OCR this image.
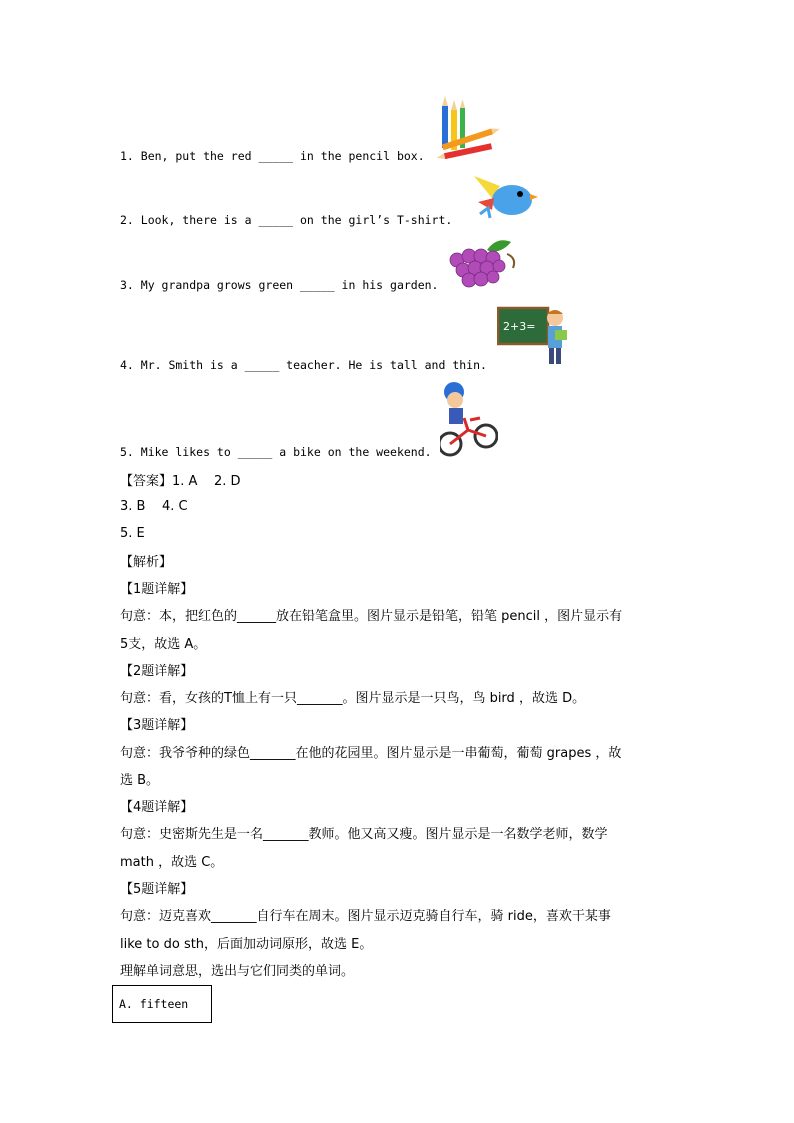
1. Ben, put the red _____ in the pencil box.
2. Look, there is a _____ on the girl’s T-shirt.
3. My grandpa grows green _____ in his garden.
4. Mr. Smith is a _____ teacher. He is tall and thin.
5. Mike likes to _____ a bike on the weekend.
2+3=
【答案】1. A    2. D
3. B    4. C
5. E
【解析】
【1题详解】
句意：本，把红色的______放在铅笔盒里。图片显示是铅笔，铅笔 pencil ，图片显示有
5支，故选 A。
【2题详解】
句意：看，女孩的T恤上有一只_______。图片显示是一只鸟，鸟 bird ，故选 D。
【3题详解】
句意：我爷爷种的绿色_______在他的花园里。图片显示是一串葡萄，葡萄 grapes ，故
选 B。
【4题详解】
句意：史密斯先生是一名_______教师。他又高又瘦。图片显示是一名数学老师，数学
math ，故选 C。
【5题详解】
句意：迈克喜欢_______自行车在周末。图片显示迈克骑自行车，骑 ride，喜欢干某事
like to do sth，后面加动词原形，故选 E。
理解单词意思，选出与它们同类的单词。
A. fifteen
